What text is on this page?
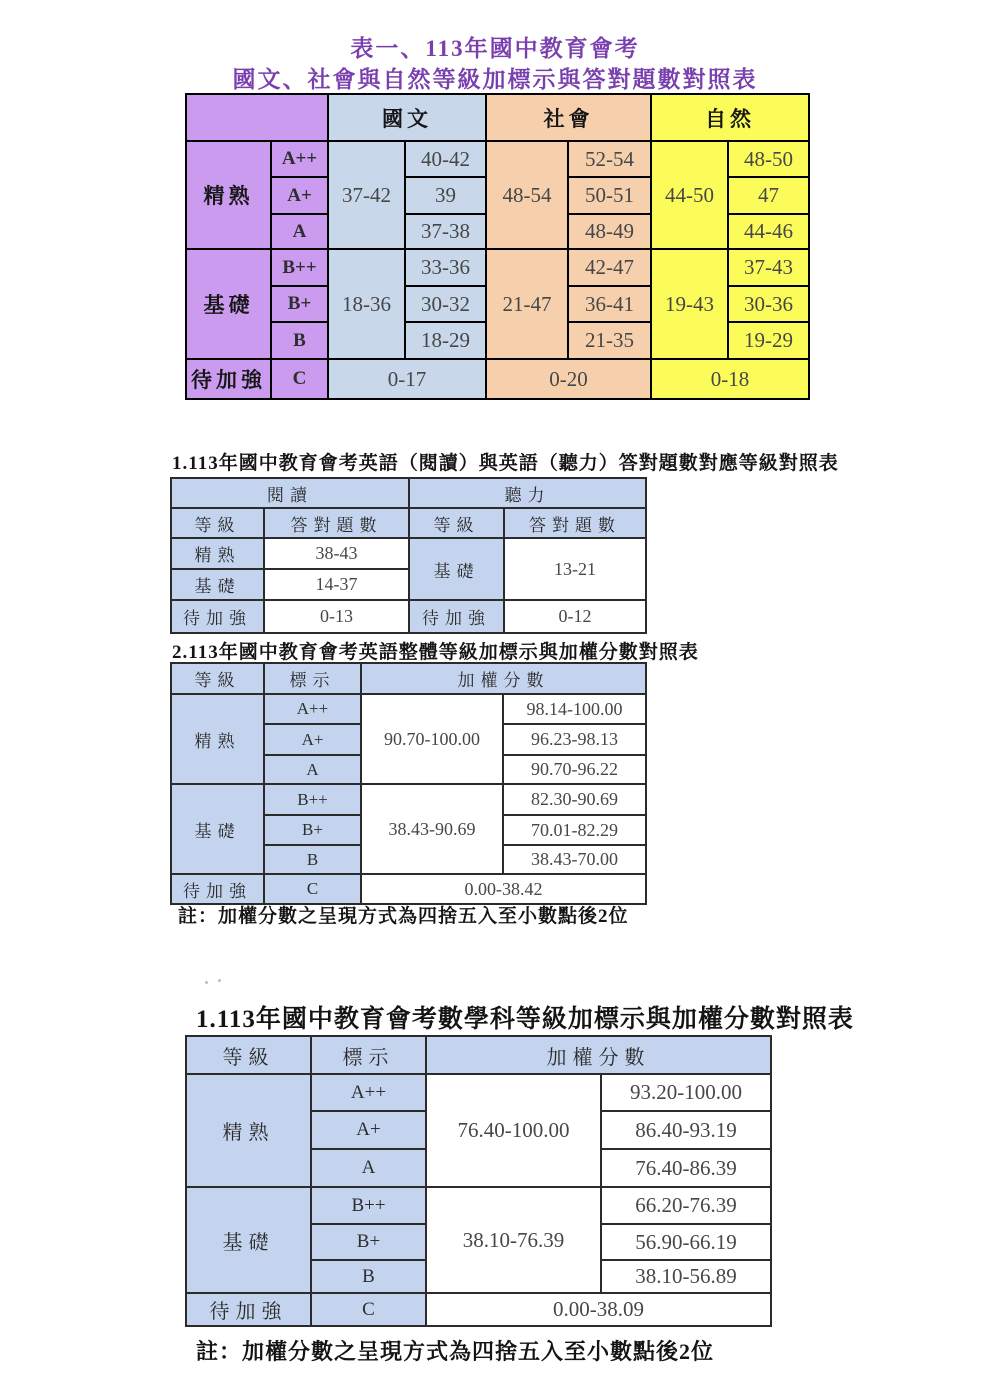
表一、113年國中教育會考
國文、社會與自然等級加標示與答對題數對照表
		國文		社會		自然	
精熟	A++	37-42	40-42	48-54	52-54	44-50	48-50
	A+		39		50-51		47
	A		37-38		48-49		44-46
基礎	B++	18-36	33-36	21-47	42-47	19-43	37-43
	B+		30-32		36-41		30-36
	B		18-29		21-35		19-29
待加強	C	0-17		0-20		0-18	
1.113年國中教育會考英語（閱讀）與英語（聽力）答對題數對應等級對照表
閱讀		聽力	
等級	答對題數	等級	答對題數
精熟	38-43	基礎	13-21
基礎	14-37		
待加強	0-13	待加強	0-12
2.113年國中教育會考英語整體等級加標示與加權分數對照表
等級	標示	加權分數	
精熟	A++	90.70-100.00	98.14-100.00
	A+		96.23-98.13
	A		90.70-96.22
基礎	B++	38.43-90.69	82.30-90.69
	B+		70.01-82.29
	B		38.43-70.00
待加強	C	0.00-38.42	
註：加權分數之呈現方式為四捨五入至小數點後2位
1.113年國中教育會考數學科等級加標示與加權分數對照表
等級	標示	加權分數	
精熟	A++	76.40-100.00	93.20-100.00
	A+		86.40-93.19
	A		76.40-86.39
基礎	B++	38.10-76.39	66.20-76.39
	B+		56.90-66.19
	B		38.10-56.89
待加強	C	0.00-38.09	
註：加權分數之呈現方式為四捨五入至小數點後2位
